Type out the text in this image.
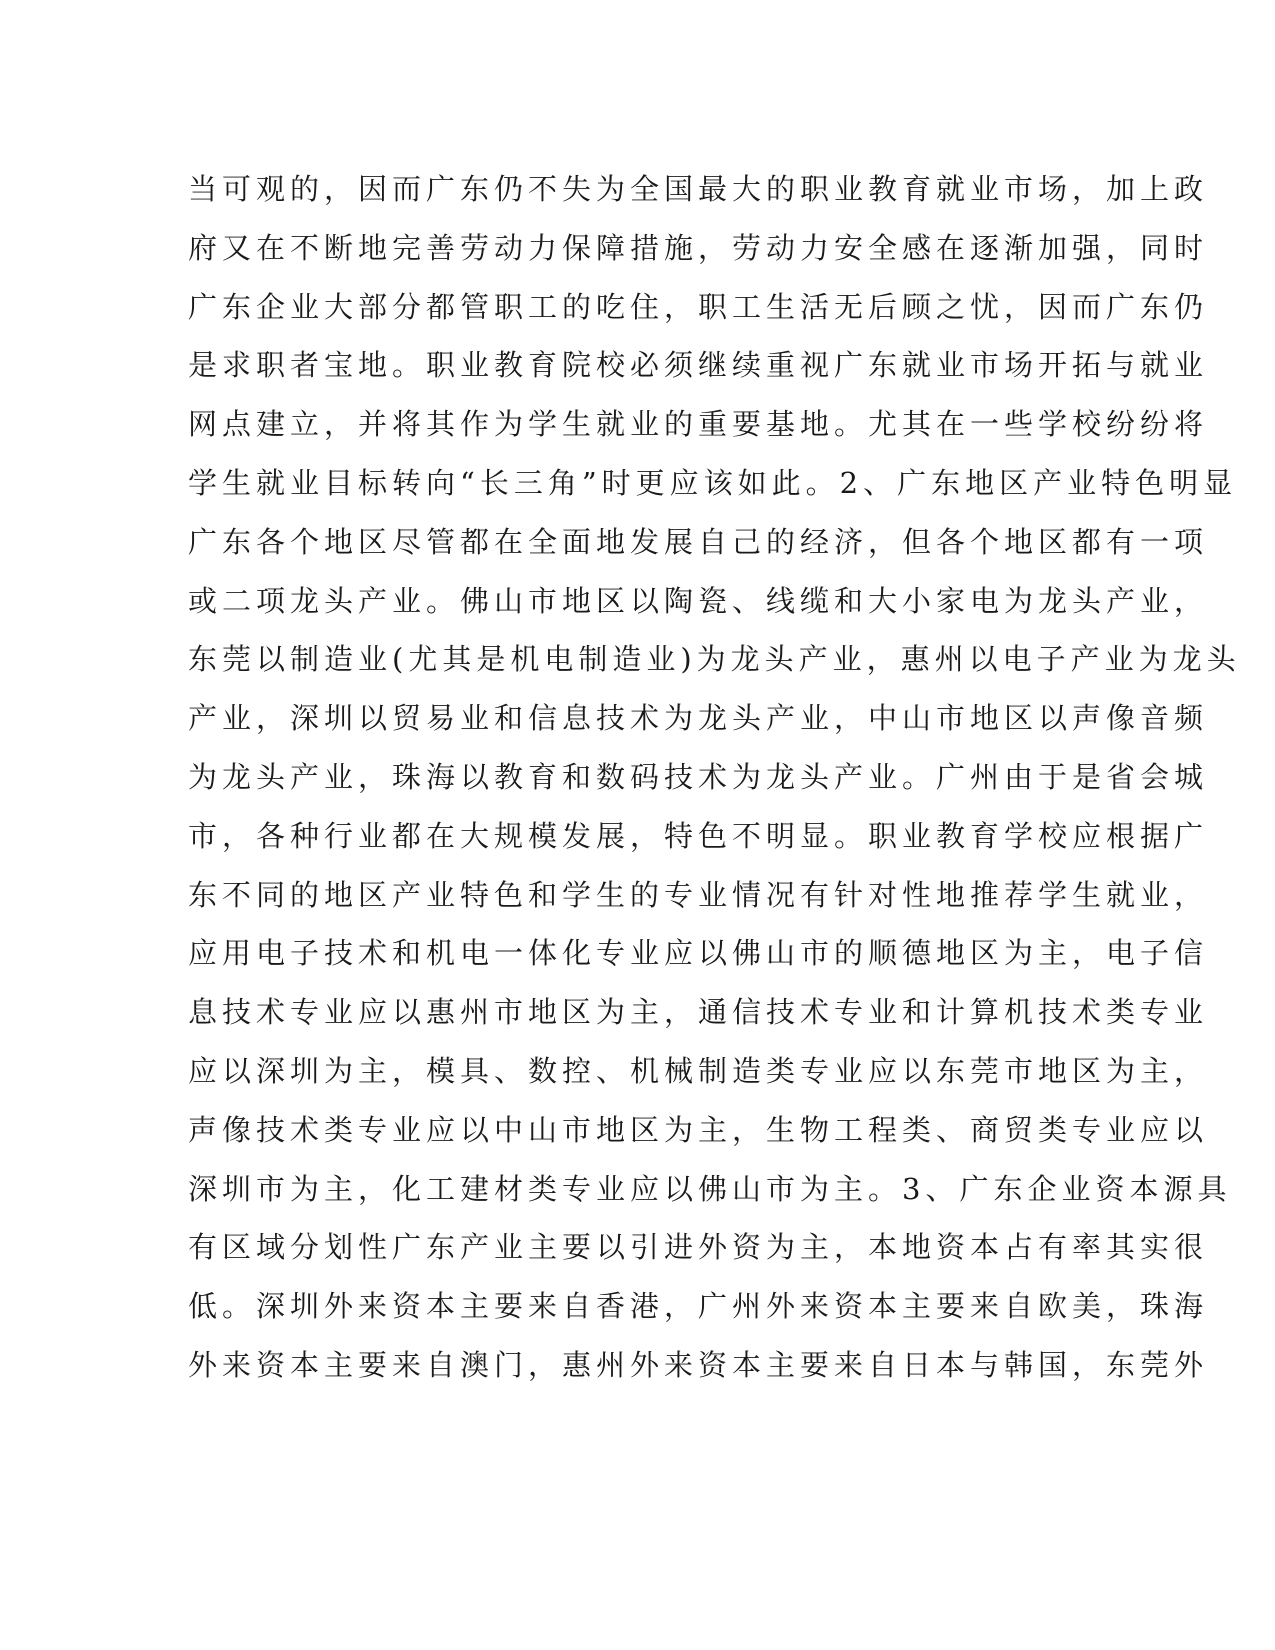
当可观的，因而广东仍不失为全国最大的职业教育就业市场，加上政
府又在不断地完善劳动力保障措施，劳动力安全感在逐渐加强，同时
广东企业大部分都管职工的吃住，职工生活无后顾之忧，因而广东仍
是求职者宝地。职业教育院校必须继续重视广东就业市场开拓与就业
网点建立，并将其作为学生就业的重要基地。尤其在一些学校纷纷将
学生就业目标转向“长三角”时更应该如此。2、广东地区产业特色明显
广东各个地区尽管都在全面地发展自己的经济，但各个地区都有一项
或二项龙头产业。佛山市地区以陶瓷、线缆和大小家电为龙头产业，
东莞以制造业(尤其是机电制造业)为龙头产业，惠州以电子产业为龙头
产业，深圳以贸易业和信息技术为龙头产业，中山市地区以声像音频
为龙头产业，珠海以教育和数码技术为龙头产业。广州由于是省会城
市，各种行业都在大规模发展，特色不明显。职业教育学校应根据广
东不同的地区产业特色和学生的专业情况有针对性地推荐学生就业，
应用电子技术和机电一体化专业应以佛山市的顺德地区为主，电子信
息技术专业应以惠州市地区为主，通信技术专业和计算机技术类专业
应以深圳为主，模具、数控、机械制造类专业应以东莞市地区为主，
声像技术类专业应以中山市地区为主，生物工程类、商贸类专业应以
深圳市为主，化工建材类专业应以佛山市为主。3、广东企业资本源具
有区域分划性广东产业主要以引进外资为主，本地资本占有率其实很
低。深圳外来资本主要来自香港，广州外来资本主要来自欧美，珠海
外来资本主要来自澳门，惠州外来资本主要来自日本与韩国，东莞外
